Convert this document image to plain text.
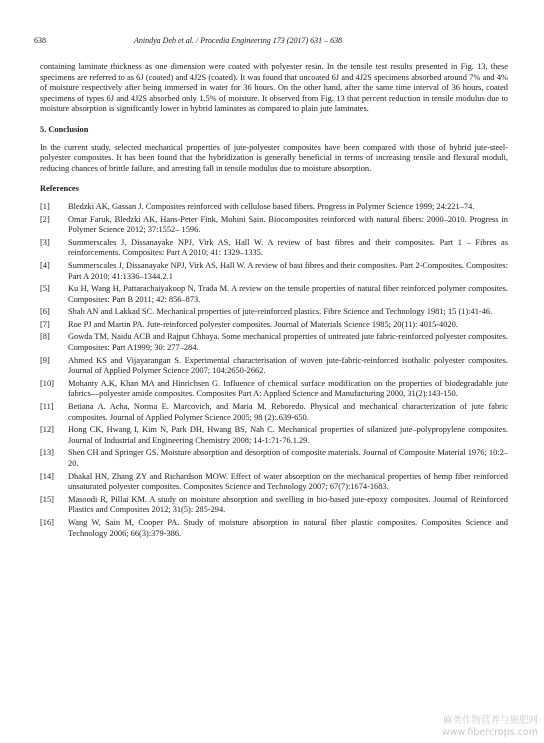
638	Anindya Deb et al. / Procedia Engineering 173 (2017) 631 – 638

containing laminate thickness as one dimension were coated with polyester resin. In the tensile test results presented in Fig. 13, these specimens are referred to as 6J (coated) and 4J2S (coated). It was found that uncoated 6J and 4J2S specimens absorbed around 7% and 4% of moisture respectively after being immersed in water for 36 hours. On the other hand, after the same time interval of 36 hours, coated specimens of types 6J and 4J2S absorbed only 1.5% of moisture. It observed from Fig. 13 that percent reduction in tensile modulus due to moisture absorption is significantly lower in hybrid laminates as compared to plain jute laminates.

5. Conclusion

In the current study, selected mechanical properties of jute-polyester composites have been compared with those of hybrid jute-steel-polyester composites. It has been found that the hybridization is generally beneficial in terms of increasing tensile and flexural moduli, reducing chances of brittle failure, and arresting fall in tensile modulus due to moisture absorption.

References
[1]	Bledzki AK, Gassan J. Composites reinforced with cellulose based fibers. Progress in Polymer Science 1999; 24:221–74.
[2]	Omar Faruk, Bledzki AK, Hans-Peter Fink, Mohini Sain. Biocomposites reinforced with natural fibers: 2000–2010. Progress in Polymer Science 2012; 37:1552– 1596.
[3]	Summerscales J, Dissanayake NPJ, Virk AS, Hall W. A review of bast fibres and their composites. Part 1 – Fibres as reinforcements. Composites: Part A 2010; 41: 1329–1335.
[4]	Summerscales J, Dissanayake NPJ, Virk AS, Hall W. A review of bast fibres and their composites. Part 2-Composites. Composites: Part A 2010; 41:1336–1344.2.1
[5]	Ku H, Wang H, Pattarachaiyakoop N, Trada M. A review on the tensile properties of natural fiber reinforced polymer composites. Composites: Part B 2011; 42: 856–873.
[6]	Shah AN and Lakkad SC. Mechanical properties of jute-reinforced plastics. Fibre Science and Technology 1981; 15 (1):41-46.
[7]	Roe PJ and Martin PA. Jute-reinforced polyester composites. Journal of Materials Science 1985; 20(11): 4015-4020.
[8]	Gowda TM, Naidu ACB and Rajput Chhaya. Some mechanical properties of untreated jute fabric-reinforced polyester composites. Composites: Part A1999; 30: 277–284.
[9]	Ahmed KS and Vijayarangan S. Experimental characterisation of woven jute-fabric-reinforced isothalic polyester composites. Journal of Applied Polymer Science 2007; 104:2650-2662.
[10]	Mohanty A.K, Khan MA and Hinrichsen G. Influence of chemical surface modification on the properties of biodegradable jute fabrics—polyester amide composites. Composites Part A: Applied Science and Manufacturing 2000, 31(2):143-150.
[11]	Betiana A. Acha, Norma E. Marcovich, and Maria M. Reboredo. Physical and mechanical characterization of jute fabric composites. Journal of Applied Polymer Science 2005; 98 (2):.639-650.
[12]	Hong CK, Hwang I, Kim N, Park DH, Hwang BS, Nah C. Mechanical properties of silanized jute–polypropylene composites. Journal of Industrial and Engineering Chemistry 2008; 14-1:71-76.1.29.
[13]	Shen CH and Springer GS. Moisture absorption and desorption of composite materials. Journal of Composite Material 1976; 10:2–20.
[14]	Dhakal HN, Zhang ZY and Richardson MOW. Effect of water absorption on the mechanical properties of hemp fiber reinforced unsaturated polyester composites. Composites Science and Technology 2007; 67(7):1674-1683.
[15]	Masoodi R, Pillai KM. A study on moisture absorption and swelling in bio-based jute-epoxy composites. Journal of Reinforced Plastics and Composites 2012; 31(5): 285-294.
[16]	Wang W, Sain M, Cooper PA. Study of moisture absorption in natural fiber plastic composites. Composites Science and Technology 2006; 66(3):379-386.
麻类作物营养与施肥网
www.fibercrops.com
